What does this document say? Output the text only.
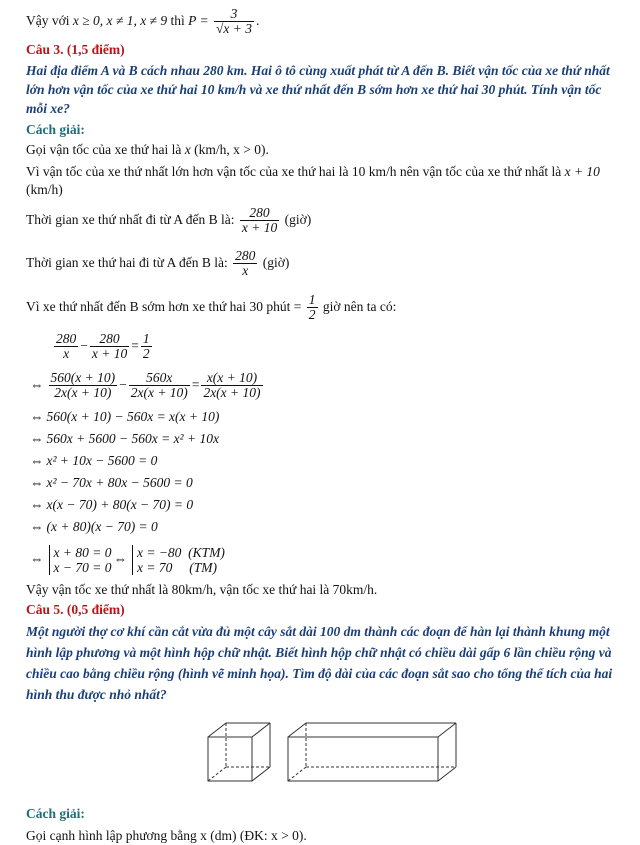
Vậy với x ≥ 0, x ≠ 1, x ≠ 9 thì $P = \frac{3}{√x + 3}$ .
Câu 3. (1,5 điểm)
Hai địa điểm A và B cách nhau 280 km. Hai ô tô cùng xuất phát từ A đến B. Biết vận tốc của xe thứ nhất lớn hơn vận tốc của xe thứ hai 10 km/h và xe thứ nhất đến B sớm hơn xe thứ hai 30 phút. Tính vận tốc mỗi xe?
Cách giải:
Gọi vận tốc của xe thứ hai là x (km/h, x > 0).
Vì vận tốc của xe thứ nhất lớn hơn vận tốc của xe thứ hai là 10 km/h nên vận tốc của xe thứ nhất là x + 10
(km/h)
Thời gian xe thứ nhất đi từ A đến B là: $\frac{280}{x + 10}$ (giờ)
Thời gian xe thứ hai đi từ A đến B là: $\frac{280}{x}$ (giờ)
Vì xe thứ nhất đến B sớm hơn xe thứ hai 30 phút = $\frac{1}{2}$ giờ nên ta có:
$\frac{280}{x} - \frac{280}{x + 10} = \frac{1}{2}$
⇔ $\frac{560(x + 10)}{2x(x + 10)} - \frac{560x}{2x(x + 10)} = \frac{x(x + 10)}{2x(x + 10)}$
⇔ 560(x + 10) − 560x = x(x + 10)
⇔ 560x + 5600 − 560x = x² + 10x
⇔ x² + 10x − 5600 = 0
⇔ x² − 70x + 80x − 5600 = 0
⇔ x(x − 70) + 80(x − 70) = 0
⇔ (x + 80)(x − 70) = 0
⇔ x + 80 = 0
x − 70 = 0
⇔ x = −80  (KTM)
x = 70     (TM)
Vậy vận tốc xe thứ nhất là 80km/h, vận tốc xe thứ hai là 70km/h.
Câu 5. (0,5 điểm)
Một người thợ cơ khí cần cắt vừa đủ một cây sắt dài 100 dm thành các đoạn để hàn lại thành khung một hình lập phương và một hình hộp chữ nhật. Biết hình hộp chữ nhật có chiều dài gấp 6 lần chiều rộng và chiều cao bằng chiều rộng (hình vẽ minh họa). Tìm độ dài của các đoạn sắt sao cho tổng thể tích của hai hình thu được nhỏ nhất?
Cách giải:
Gọi cạnh hình lập phương bằng x (dm) (ĐK: x > 0).
